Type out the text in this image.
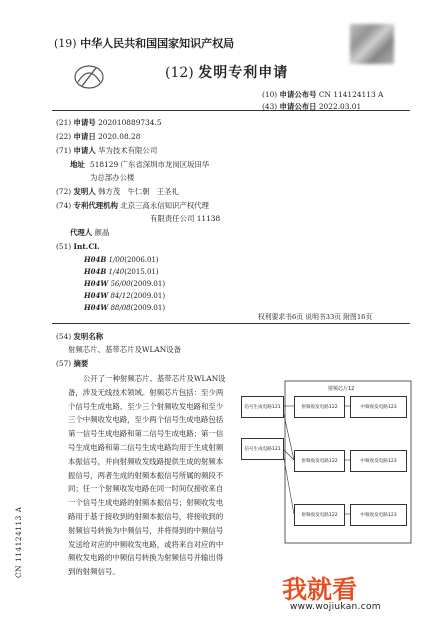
(19) 中华人民共和国国家知识产权局
(12) 发明专利申请
(10) 申请公布号 CN 114124113 A
(43) 申请公布日 2022.03.01
(21) 申请号 202010889734.5
(22) 申请日 2020.08.28
(71) 申请人 华为技术有限公司
地址 518129 广东省深圳市龙岗区坂田华
为总部办公楼
(72) 发明人 韩方茂 牛仁朝 王圣礼
(74) 专利代理机构 北京三高永信知识产权代理
有限责任公司 11138
代理人 颜晶
(51) Int.Cl.
H04B 1/00(2006.01)
H04B 1/40(2015.01)
H04W 56/00(2009.01)
H04W 84/12(2009.01)
H04W 88/08(2009.01)
权利要求书6页 说明书33页 附图16页
(54) 发明名称
射频芯片、基带芯片及WLAN设备
(57) 摘要
公开了一种射频芯片、基带芯片及WLAN设备，涉及无线技术领域。射频芯片包括：至少两个信号生成电路、至少三个射频收发电路和至少三个中频收发电路，至少两个信号生成电路包括第一信号生成电路和第二信号生成电路；第一信号生成电路和第二信号生成电路均用于生成射频本振信号，并向射频收发线路提供生成的射频本振信号，两者生成的射频本振信号所属的频段不同；任一个射频收发电路在同一时间仅接收来自一个信号生成电路的射频本振信号；射频收发电路用于基于接收到的射频本振信号，将接收到的射频信号转换为中频信号，并将得到的中频信号发送给对应的中频收发电路，或将来自对应的中频收发电路的中频信号转换为射频信号并输出得到的射频信号。
射频芯片12
信号生成电路121
信号生成电路121
射频收发电路122
射频收发电路122
射频收发电路122
中频收发电路123
中频收发电路123
中频收发电路123
CN 114124113 A
我就看
www.wojiukan.com
